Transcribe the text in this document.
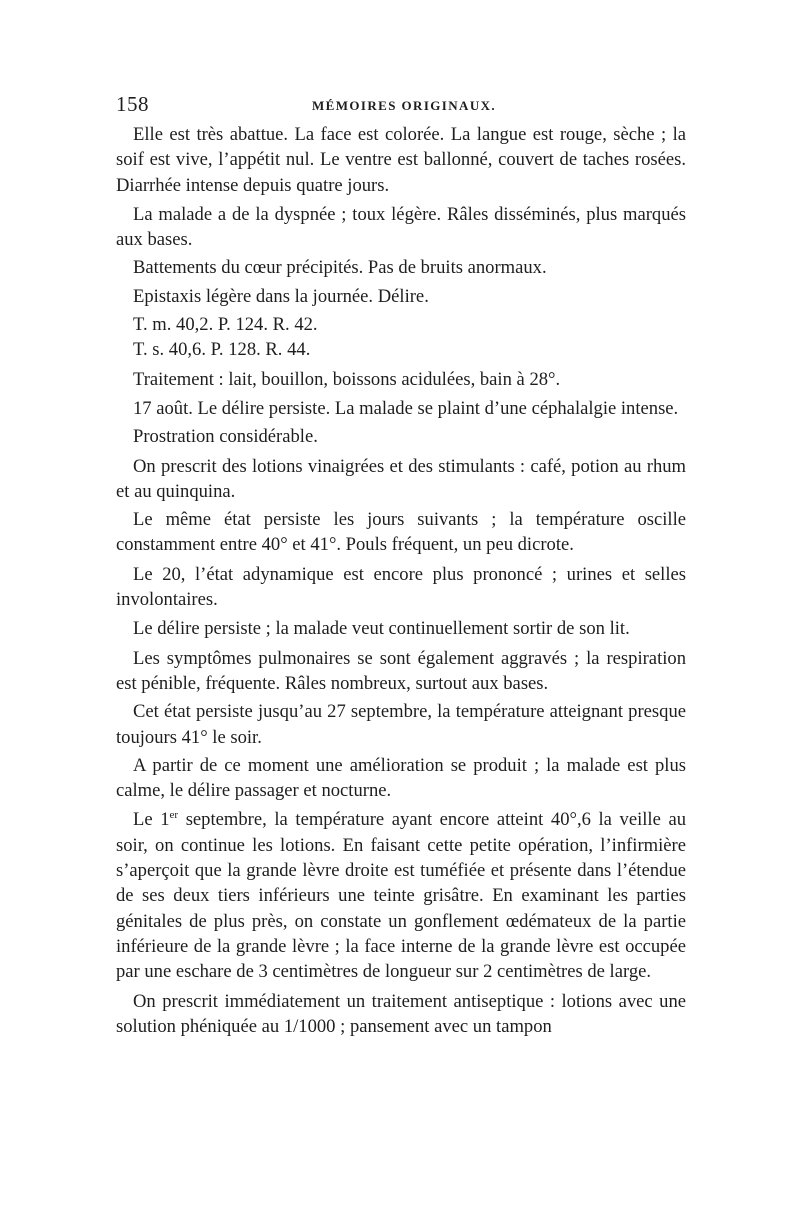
158	MÉMOIRES ORIGINAUX.

Elle est très abattue. La face est colorée. La langue est rouge, sèche ; la soif est vive, l’appétit nul. Le ventre est ballonné, couvert de taches rosées. Diarrhée intense depuis quatre jours.

La malade a de la dyspnée ; toux légère. Râles disséminés, plus marqués aux bases.

Battements du cœur précipités. Pas de bruits anormaux.

Epistaxis légère dans la journée. Délire.

T. m. 40,2. P. 124. R. 42.

T. s. 40,6. P. 128. R. 44.

Traitement : lait, bouillon, boissons acidulées, bain à 28°.

17 août. Le délire persiste. La malade se plaint d’une céphalalgie intense.

Prostration considérable.

On prescrit des lotions vinaigrées et des stimulants : café, potion au rhum et au quinquina.

Le même état persiste les jours suivants ; la température oscille constamment entre 40° et 41°. Pouls fréquent, un peu dicrote.

Le 20, l’état adynamique est encore plus prononcé ; urines et selles involontaires.

Le délire persiste ; la malade veut continuellement sortir de son lit.

Les symptômes pulmonaires se sont également aggravés ; la respiration est pénible, fréquente. Râles nombreux, surtout aux bases.

Cet état persiste jusqu’au 27 septembre, la température atteignant presque toujours 41° le soir.

A partir de ce moment une amélioration se produit ; la malade est plus calme, le délire passager et nocturne.

Le 1er septembre, la température ayant encore atteint 40°,6 la veille au soir, on continue les lotions. En faisant cette petite opération, l’infirmière s’aperçoit que la grande lèvre droite est tuméfiée et présente dans l’étendue de ses deux tiers inférieurs une teinte grisâtre. En examinant les parties génitales de plus près, on constate un gonflement œdémateux de la partie inférieure de la grande lèvre ; la face interne de la grande lèvre est occupée par une eschare de 3 centimètres de longueur sur 2 centimètres de large.

On prescrit immédiatement un traitement antiseptique : lotions avec une solution phéniquée au 1/1000 ; pansement avec un tampon
